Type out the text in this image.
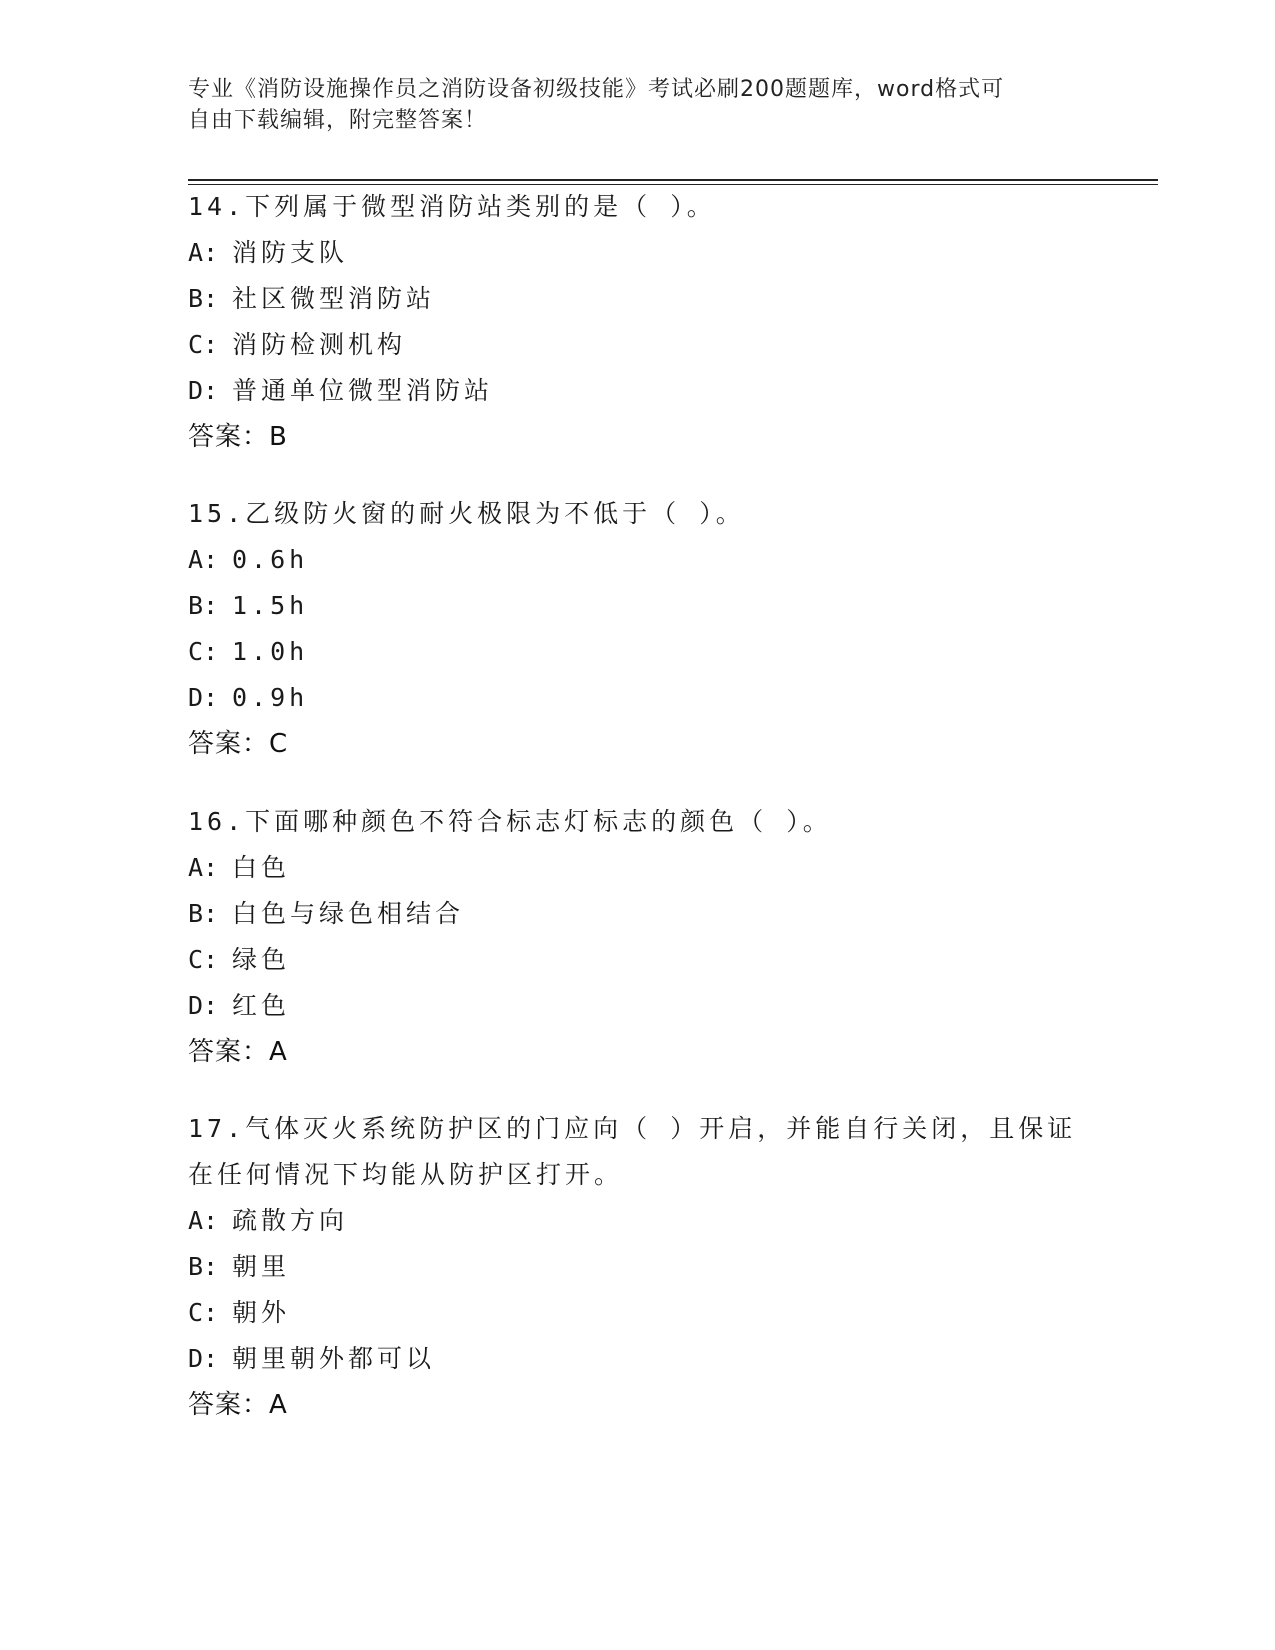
专业《消防设施操作员之消防设备初级技能》考试必刷200题题库，word格式可
自由下载编辑，附完整答案！
14.下列属于微型消防站类别的是（ ）。
A: 消防支队
B: 社区微型消防站
C: 消防检测机构
D: 普通单位微型消防站
答案：B
15.乙级防火窗的耐火极限为不低于（ ）。
A: 0.6h
B: 1.5h
C: 1.0h
D: 0.9h
答案：C
16.下面哪种颜色不符合标志灯标志的颜色（ ）。
A: 白色
B: 白色与绿色相结合
C: 绿色
D: 红色
答案：A
17.气体灭火系统防护区的门应向（ ）开启，并能自行关闭，且保证
在任何情况下均能从防护区打开。
A: 疏散方向
B: 朝里
C: 朝外
D: 朝里朝外都可以
答案：A
